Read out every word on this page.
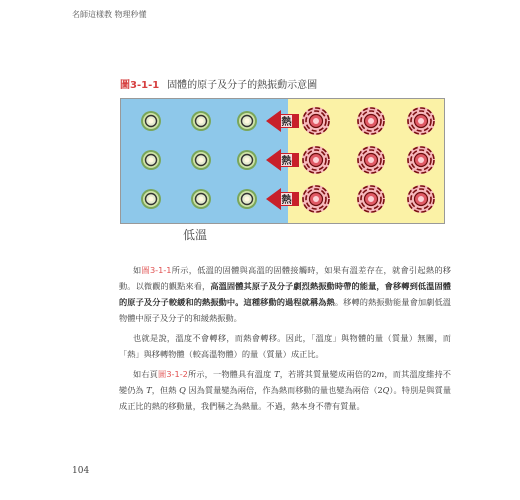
名師這樣教 物理秒懂
圖3-1-1 固體的原子及分子的熱振動示意圖
熱
熱
熱
低溫

如圖3-1-1所示，低溫的固體與高溫的固體接觸時，如果有溫差存在，就會引起熱的移動。以微觀的觀點來看，高溫固體其原子及分子劇烈熱振動時帶的能量，會移轉到低溫固體的原子及分子較緩和的熱振動中。這種移動的過程就稱為熱。移轉的熱振動能量會加劇低溫物體中原子及分子的和緩熱振動。

也就是說，溫度不會轉移，而熱會轉移。因此，「溫度」與物體的量（質量）無關，而「熱」與移轉物體（較高溫物體）的量（質量）成正比。

如右頁圖3-1-2所示，一物體具有溫度 T，若將其質量變成兩倍的2m，而其溫度維持不變仍為 T，但熱 Q 因為質量變為兩倍，作為熱而移動的量也變為兩倍（2Q）。特別是與質量成正比的熱的移動量，我們稱之為熱量。不過，熱本身不帶有質量。

104
